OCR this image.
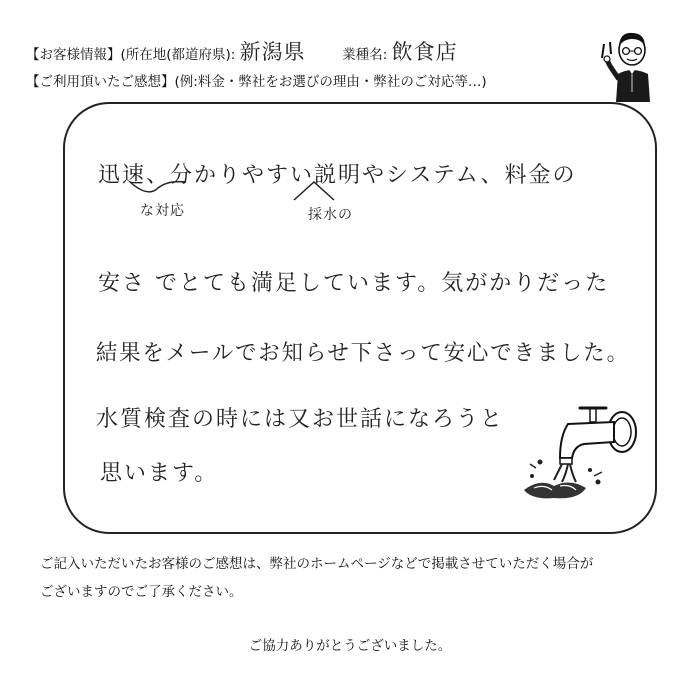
【お客様情報】(所在地(都道府県): 新潟県	業種名: 飲食店
【ご利用頂いたご感想】(例:料金・弊社をお選びの理由・弊社のご対応等…)
迅速、分かりやすい説明やシステム、料金の
な対応	採水の
安さ でとても満足しています。気がかりだった
結果をメールでお知らせ下さって安心できました。
水質検査の時には又お世話になろうと
思います。
ご記入いただいたお客様のご感想は、弊社のホームページなどで掲載させていただく場合が
ございますのでご了承ください。
ご協力ありがとうございました。
